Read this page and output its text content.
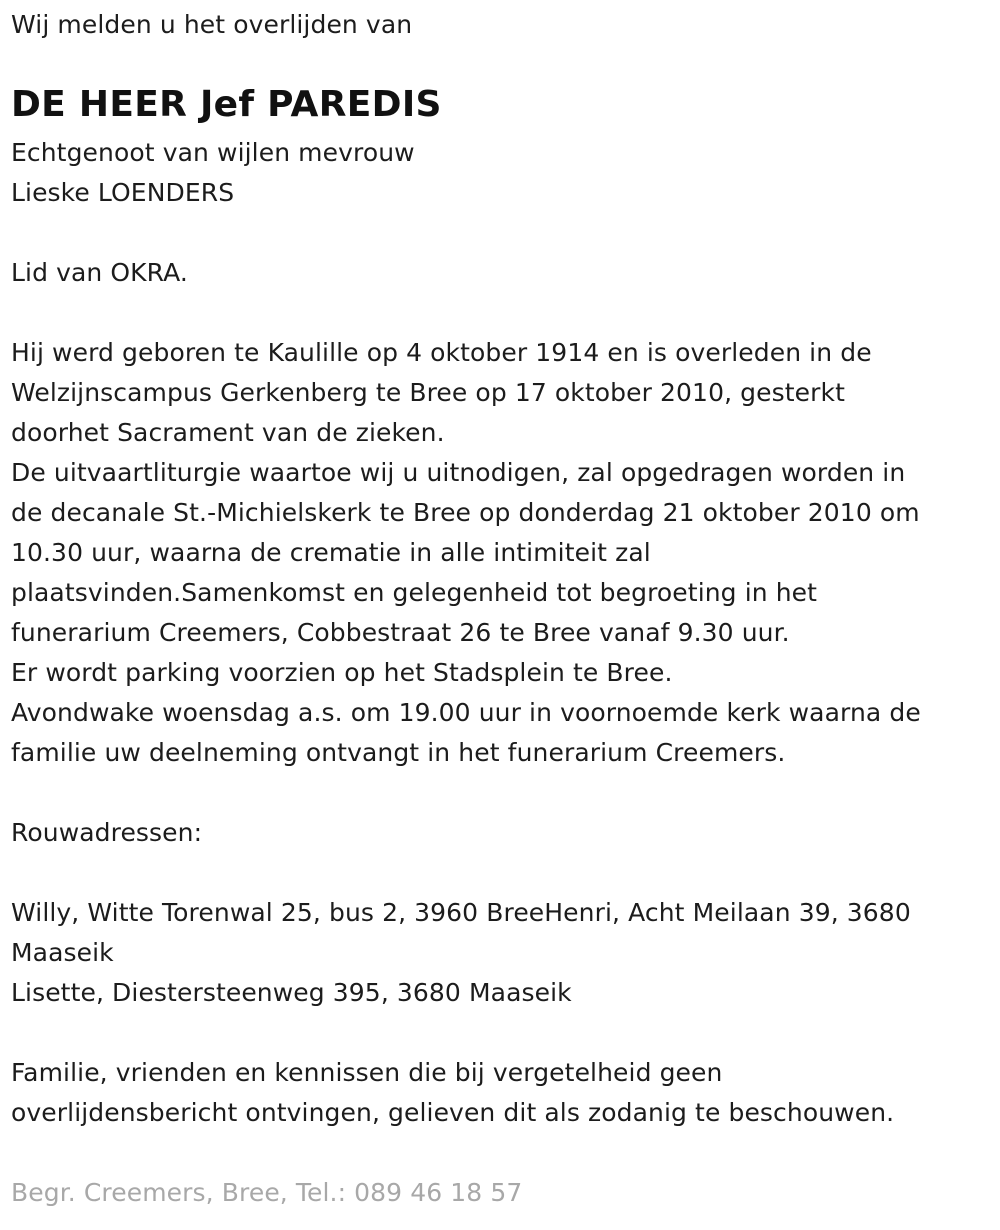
Wij melden u het overlijden van
DE HEER Jef PAREDIS
Echtgenoot van wijlen mevrouw
Lieske LOENDERS
Lid van OKRA.
Hij werd geboren te Kaulille op 4 oktober 1914 en is overleden in de
Welzijnscampus Gerkenberg te Bree op 17 oktober 2010, gesterkt
doorhet Sacrament van de zieken.
De uitvaartliturgie waartoe wij u uitnodigen, zal opgedragen worden in
de decanale St.-Michielskerk te Bree op donderdag 21 oktober 2010 om
10.30 uur, waarna de crematie in alle intimiteit zal
plaatsvinden.Samenkomst en gelegenheid tot begroeting in het
funerarium Creemers, Cobbestraat 26 te Bree vanaf 9.30 uur.
Er wordt parking voorzien op het Stadsplein te Bree.
Avondwake woensdag a.s. om 19.00 uur in voornoemde kerk waarna de
familie uw deelneming ontvangt in het funerarium Creemers.
Rouwadressen:
Willy, Witte Torenwal 25, bus 2, 3960 BreeHenri, Acht Meilaan 39, 3680
Maaseik
Lisette, Diestersteenweg 395, 3680 Maaseik
Familie, vrienden en kennissen die bij vergetelheid geen
overlijdensbericht ontvingen, gelieven dit als zodanig te beschouwen.
Begr. Creemers, Bree, Tel.: 089 46 18 57
